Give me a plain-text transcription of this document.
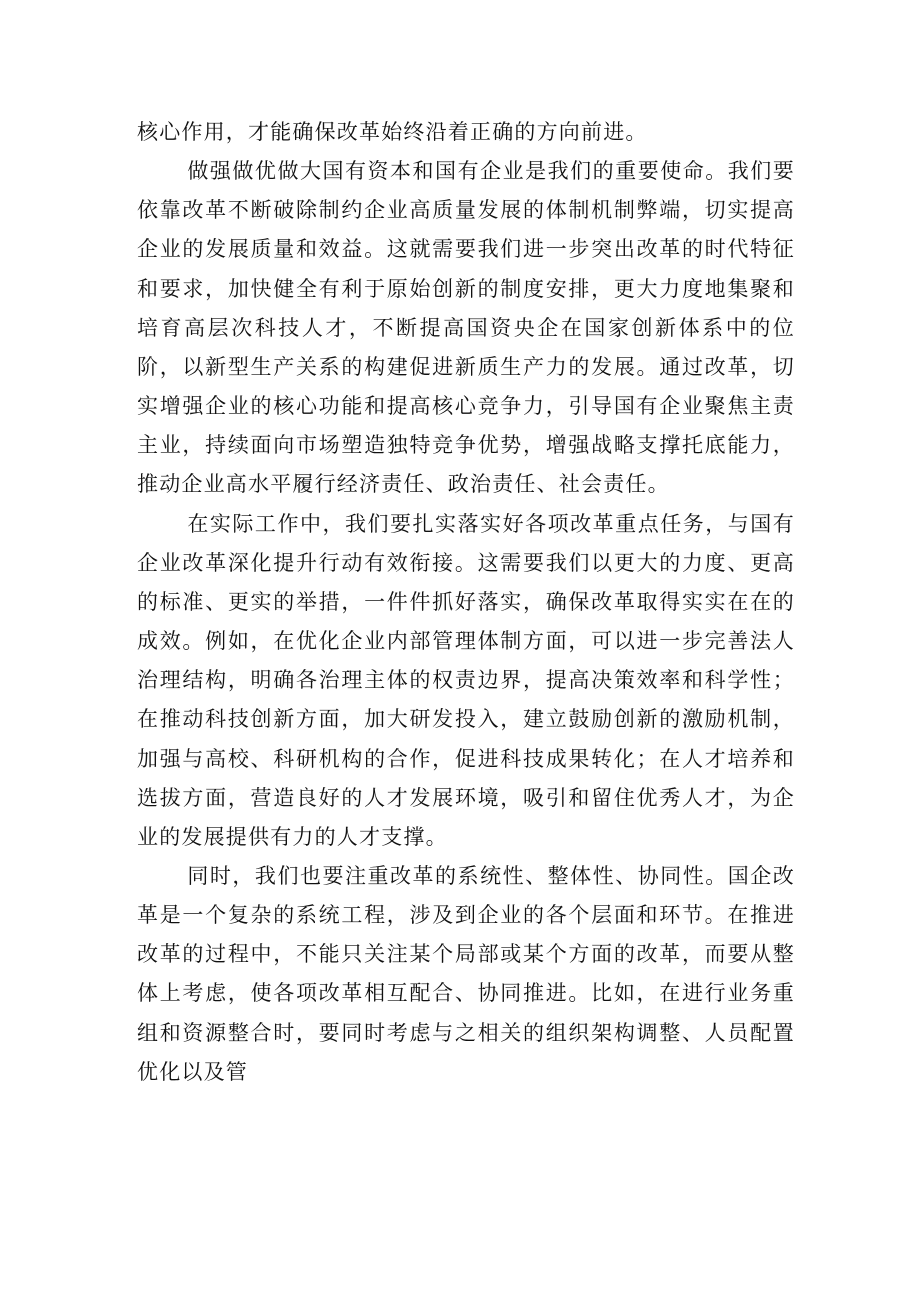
核心作用，才能确保改革始终沿着正确的方向前进。

做强做优做大国有资本和国有企业是我们的重要使命。我们要依靠改革不断破除制约企业高质量发展的体制机制弊端，切实提高企业的发展质量和效益。这就需要我们进一步突出改革的时代特征和要求，加快健全有利于原始创新的制度安排，更大力度地集聚和培育高层次科技人才，不断提高国资央企在国家创新体系中的位阶，以新型生产关系的构建促进新质生产力的发展。通过改革，切实增强企业的核心功能和提高核心竞争力，引导国有企业聚焦主责主业，持续面向市场塑造独特竞争优势，增强战略支撑托底能力，推动企业高水平履行经济责任、政治责任、社会责任。

在实际工作中，我们要扎实落实好各项改革重点任务，与国有企业改革深化提升行动有效衔接。这需要我们以更大的力度、更高的标准、更实的举措，一件件抓好落实，确保改革取得实实在在的成效。例如，在优化企业内部管理体制方面，可以进一步完善法人治理结构，明确各治理主体的权责边界，提高决策效率和科学性；在推动科技创新方面，加大研发投入，建立鼓励创新的激励机制，加强与高校、科研机构的合作，促进科技成果转化；在人才培养和选拔方面，营造良好的人才发展环境，吸引和留住优秀人才，为企业的发展提供有力的人才支撑。

同时，我们也要注重改革的系统性、整体性、协同性。国企改革是一个复杂的系统工程，涉及到企业的各个层面和环节。在推进改革的过程中，不能只关注某个局部或某个方面的改革，而要从整体上考虑，使各项改革相互配合、协同推进。比如，在进行业务重组和资源整合时，要同时考虑与之相关的组织架构调整、人员配置优化以及管
